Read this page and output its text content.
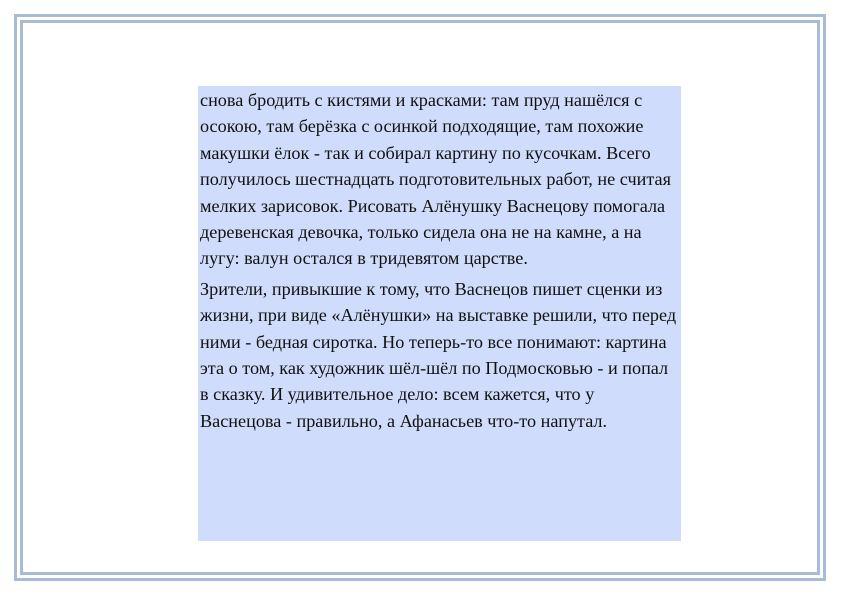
снова бродить с кистями и красками: там пруд нашёлся с осокою, там берёзка с осинкой подходящие, там похожие макушки ёлок - так и собирал картину по кусочкам. Всего получилось шестнадцать подготовительных работ, не считая мелких зарисовок. Рисовать Алёнушку Васнецову помогала деревенская девочка, только сидела она не на камне, а на лугу: валун остался в тридевятом царстве.

Зрители, привыкшие к тому, что Васнецов пишет сценки из жизни, при виде «Алёнушки» на выставке решили, что перед ними - бедная сиротка. Но теперь-то все понимают: картина эта о том, как художник шёл-шёл по Подмосковью - и попал в сказку. И удивительное дело: всем кажется, что у Васнецова - правильно, а Афанасьев что-то напутал.
